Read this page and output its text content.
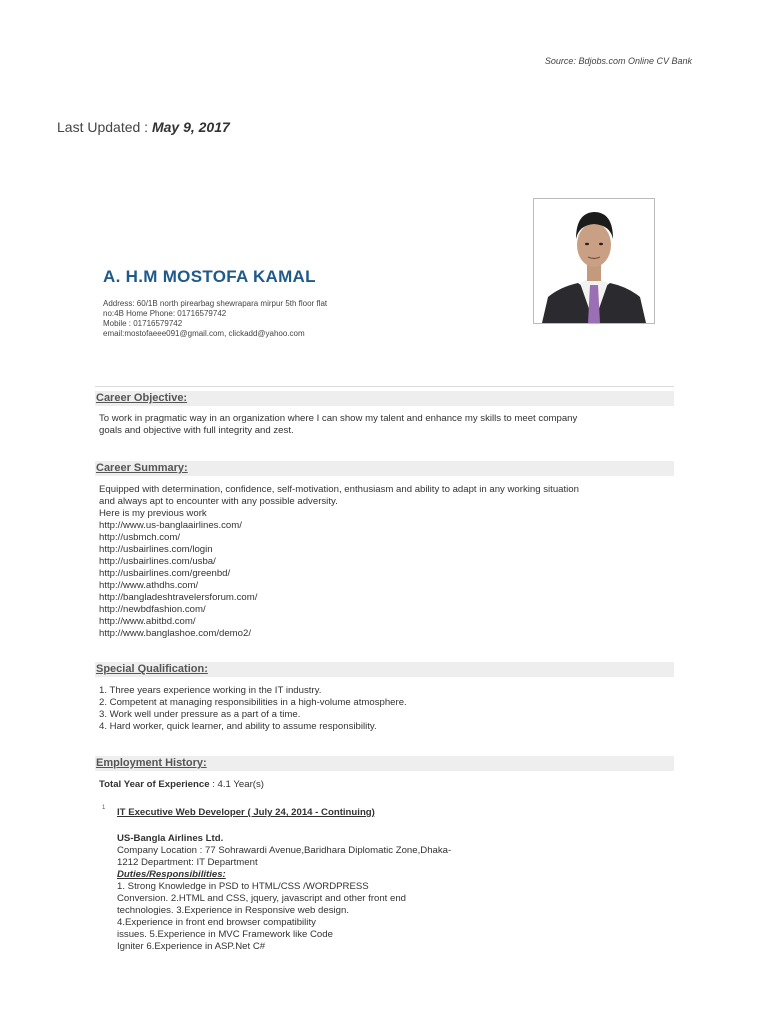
Source: Bdjobs.com Online CV Bank
Last Updated : May 9, 2017
A. H.M MOSTOFA KAMAL
Address: 60/1B north pirearbag shewrapara mirpur 5th floor flat
no:4B Home Phone: 01716579742
Mobile : 01716579742
email:mostofaeee091@gmail.com, clickadd@yahoo.com
Career Objective:
To work in pragmatic way in an organization where I can show my talent and enhance my skills to meet company
goals and objective with full integrity and zest.
Career Summary:
Equipped with determination, confidence, self-motivation, enthusiasm and ability to adapt in any working situation
and always apt to encounter with any possible adversity.
Here is my previous work
http://www.us-banglaairlines.com/
http://usbmch.com/
http://usbairlines.com/login
http://usbairlines.com/usba/
http://usbairlines.com/greenbd/
http://www.athdhs.com/
http://bangladeshtravelersforum.com/
http://newbdfashion.com/
http://www.abitbd.com/
http://www.banglashoe.com/demo2/
Special Qualification:
1. Three years experience working in the IT industry.
2. Competent at managing responsibilities in a high-volume atmosphere.
3. Work well under pressure as a part of a time.
4. Hard worker, quick learner, and ability to assume responsibility.
Employment History:
Total Year of Experience : 4.1 Year(s)
1 IT Executive Web Developer ( July 24, 2014 - Continuing)
US-Bangla Airlines Ltd.
Company Location : 77 Sohrawardi Avenue,Baridhara Diplomatic Zone,Dhaka-
1212 Department: IT Department
Duties/Responsibilities:
1. Strong Knowledge in PSD to HTML/CSS /WORDPRESS
Conversion. 2.HTML and CSS, jquery, javascript and other front end
technologies. 3.Experience in Responsive web design.
4.Experience in front end browser compatibility
issues. 5.Experience in MVC Framework like Code
Igniter 6.Experience in ASP.Net C#
